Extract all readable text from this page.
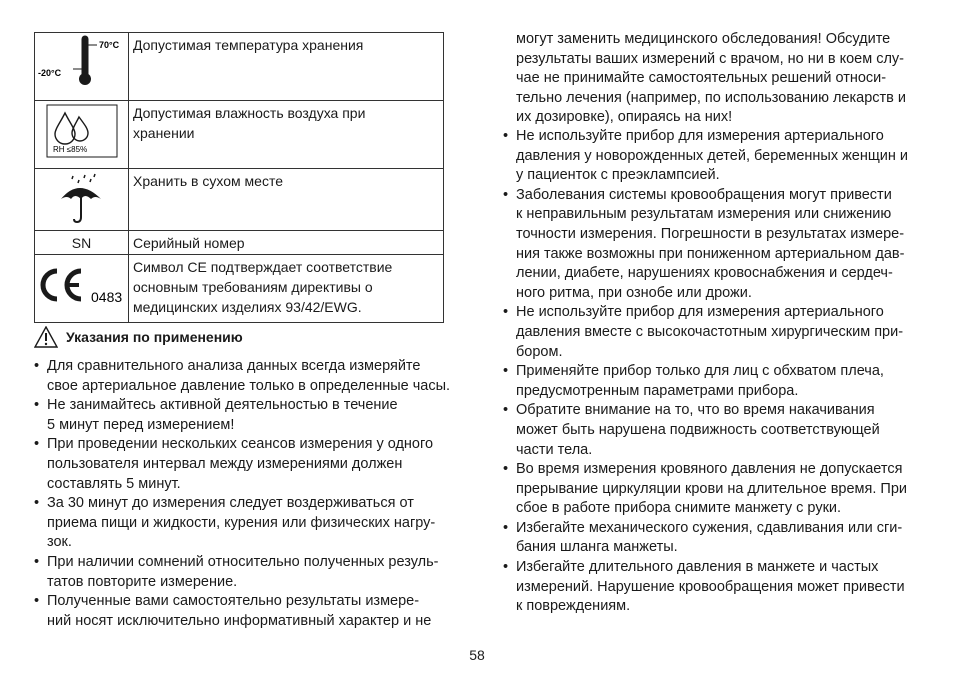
70°C
-20°C	Допустимая температура хранения

RH ≤85%	Допустимая влажность воздуха при
хранении
	Хранить в сухом месте
SN	Серийный номер

0483	Символ CE подтверждает соответствие
основным требованиям директивы о
медицинских изделиях 93/42/EWG.
Указания по применению
• Для сравнительного анализа данных всегда измеряйте
свое артериальное давление только в определенные часы.
• Не занимайтесь активной деятельностью в течение
5 минут перед измерением!
• При проведении нескольких сеансов измерения у одного
пользователя интервал между измерениями должен
составлять 5 минут.
• За 30 минут до измерения следует воздерживаться от
приема пищи и жидкости, курения или физических нагру-
зок.
• При наличии сомнений относительно полученных резуль-
татов повторите измерение.
• Полученные вами самостоятельно результаты измере-
ний носят исключительно информативный характер и не
могут заменить медицинского обследования! Обсудите
результаты ваших измерений с врачом, но ни в коем слу-
чае не принимайте самостоятельных решений относи-
тельно лечения (например, по использованию лекарств и
их дозировке), опираясь на них!
• Не используйте прибор для измерения артериального
давления у новорожденных детей, беременных женщин и
у пациенток с преэклампсией.
• Заболевания системы кровообращения могут привести
к неправильным результатам измерения или снижению
точности измерения. Погрешности в результатах измере-
ния также возможны при пониженном артериальном дав-
лении, диабете, нарушениях кровоснабжения и сердеч-
ного ритма, при ознобе или дрожи.
• Не используйте прибор для измерения артериального
давления вместе с высокочастотным хирургическим при-
бором.
• Применяйте прибор только для лиц с обхватом плеча,
предусмотренным параметрами прибора.
• Обратите внимание на то, что во время накачивания
может быть нарушена подвижность соответствующей
части тела.
• Во время измерения кровяного давления не допускается
прерывание циркуляции крови на длительное время. При
сбое в работе прибора снимите манжету с руки.
• Избегайте механического сужения, сдавливания или сги-
бания шланга манжеты.
• Избегайте длительного давления в манжете и частых
измерений. Нарушение кровообращения может привести
к повреждениям.
58
